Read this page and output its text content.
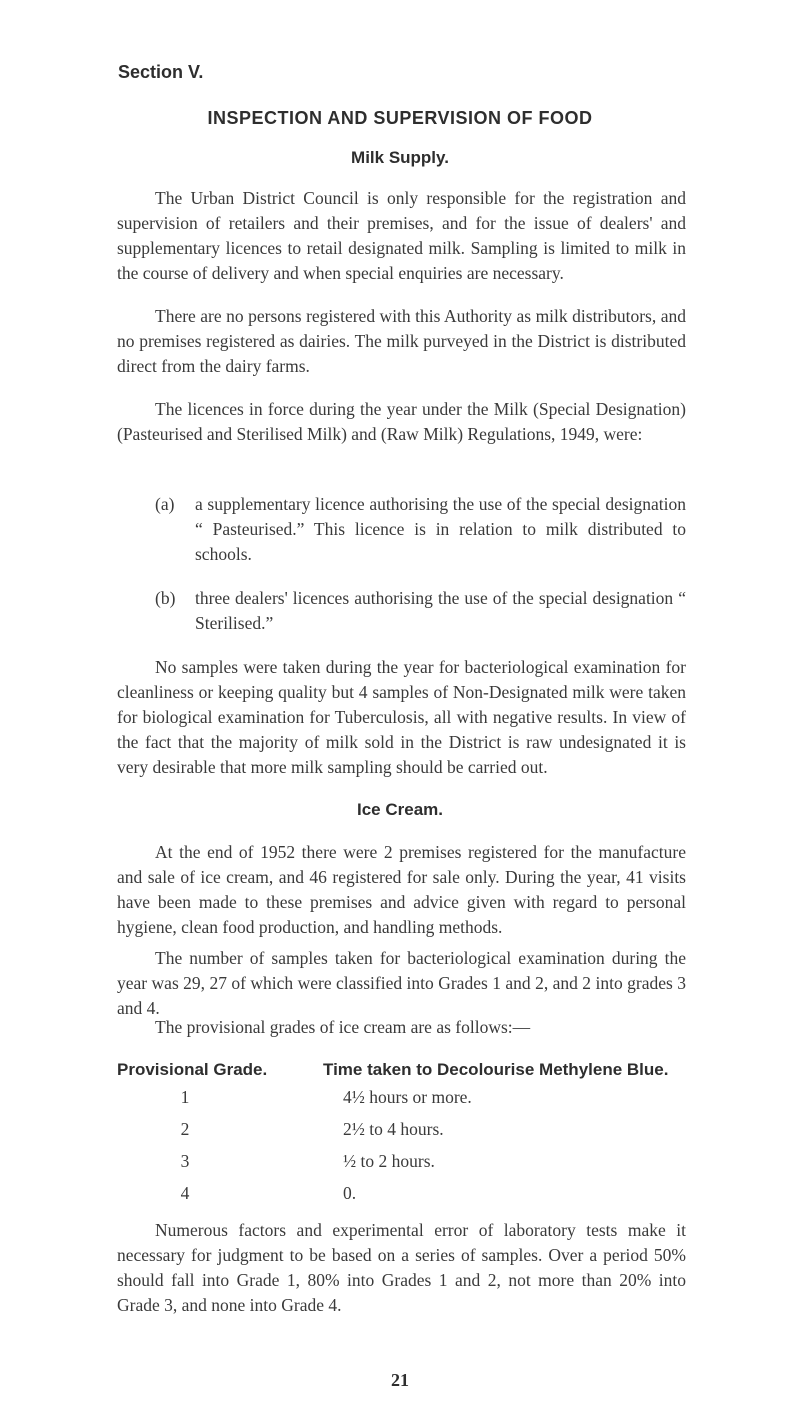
Section V.
INSPECTION AND SUPERVISION OF FOOD
Milk Supply.

The Urban District Council is only responsible for the registration and supervision of retailers and their premises, and for the issue of dealers' and supplementary licences to retail designated milk. Sampling is limited to milk in the course of delivery and when special enquiries are necessary.

There are no persons registered with this Authority as milk distributors, and no premises registered as dairies. The milk purveyed in the District is distributed direct from the dairy farms.

The licences in force during the year under the Milk (Special Designation) (Pasteurised and Sterilised Milk) and (Raw Milk) Regulations, 1949, were:

(a) a supplementary licence authorising the use of the special designation “ Pasteurised.” This licence is in relation to milk distributed to schools.
(b) three dealers' licences authorising the use of the special designation “ Sterilised.”

No samples were taken during the year for bacteriological examination for cleanliness or keeping quality but 4 samples of Non-Designated milk were taken for biological examination for Tuberculosis, all with negative results. In view of the fact that the majority of milk sold in the District is raw undesignated it is very desirable that more milk sampling should be carried out.

Ice Cream.

At the end of 1952 there were 2 premises registered for the manufacture and sale of ice cream, and 46 registered for sale only. During the year, 41 visits have been made to these premises and advice given with regard to personal hygiene, clean food production, and handling methods.

The number of samples taken for bacteriological examination during the year was 29, 27 of which were classified into Grades 1 and 2, and 2 into grades 3 and 4.

The provisional grades of ice cream are as follows:—

Provisional Grade.	Time taken to Decolourise Methylene Blue.
1	4½ hours or more.
2	2½ to 4 hours.
3	½ to 2 hours.
4	0.

Numerous factors and experimental error of laboratory tests make it necessary for judgment to be based on a series of samples. Over a period 50% should fall into Grade 1, 80% into Grades 1 and 2, not more than 20% into Grade 3, and none into Grade 4.

21
